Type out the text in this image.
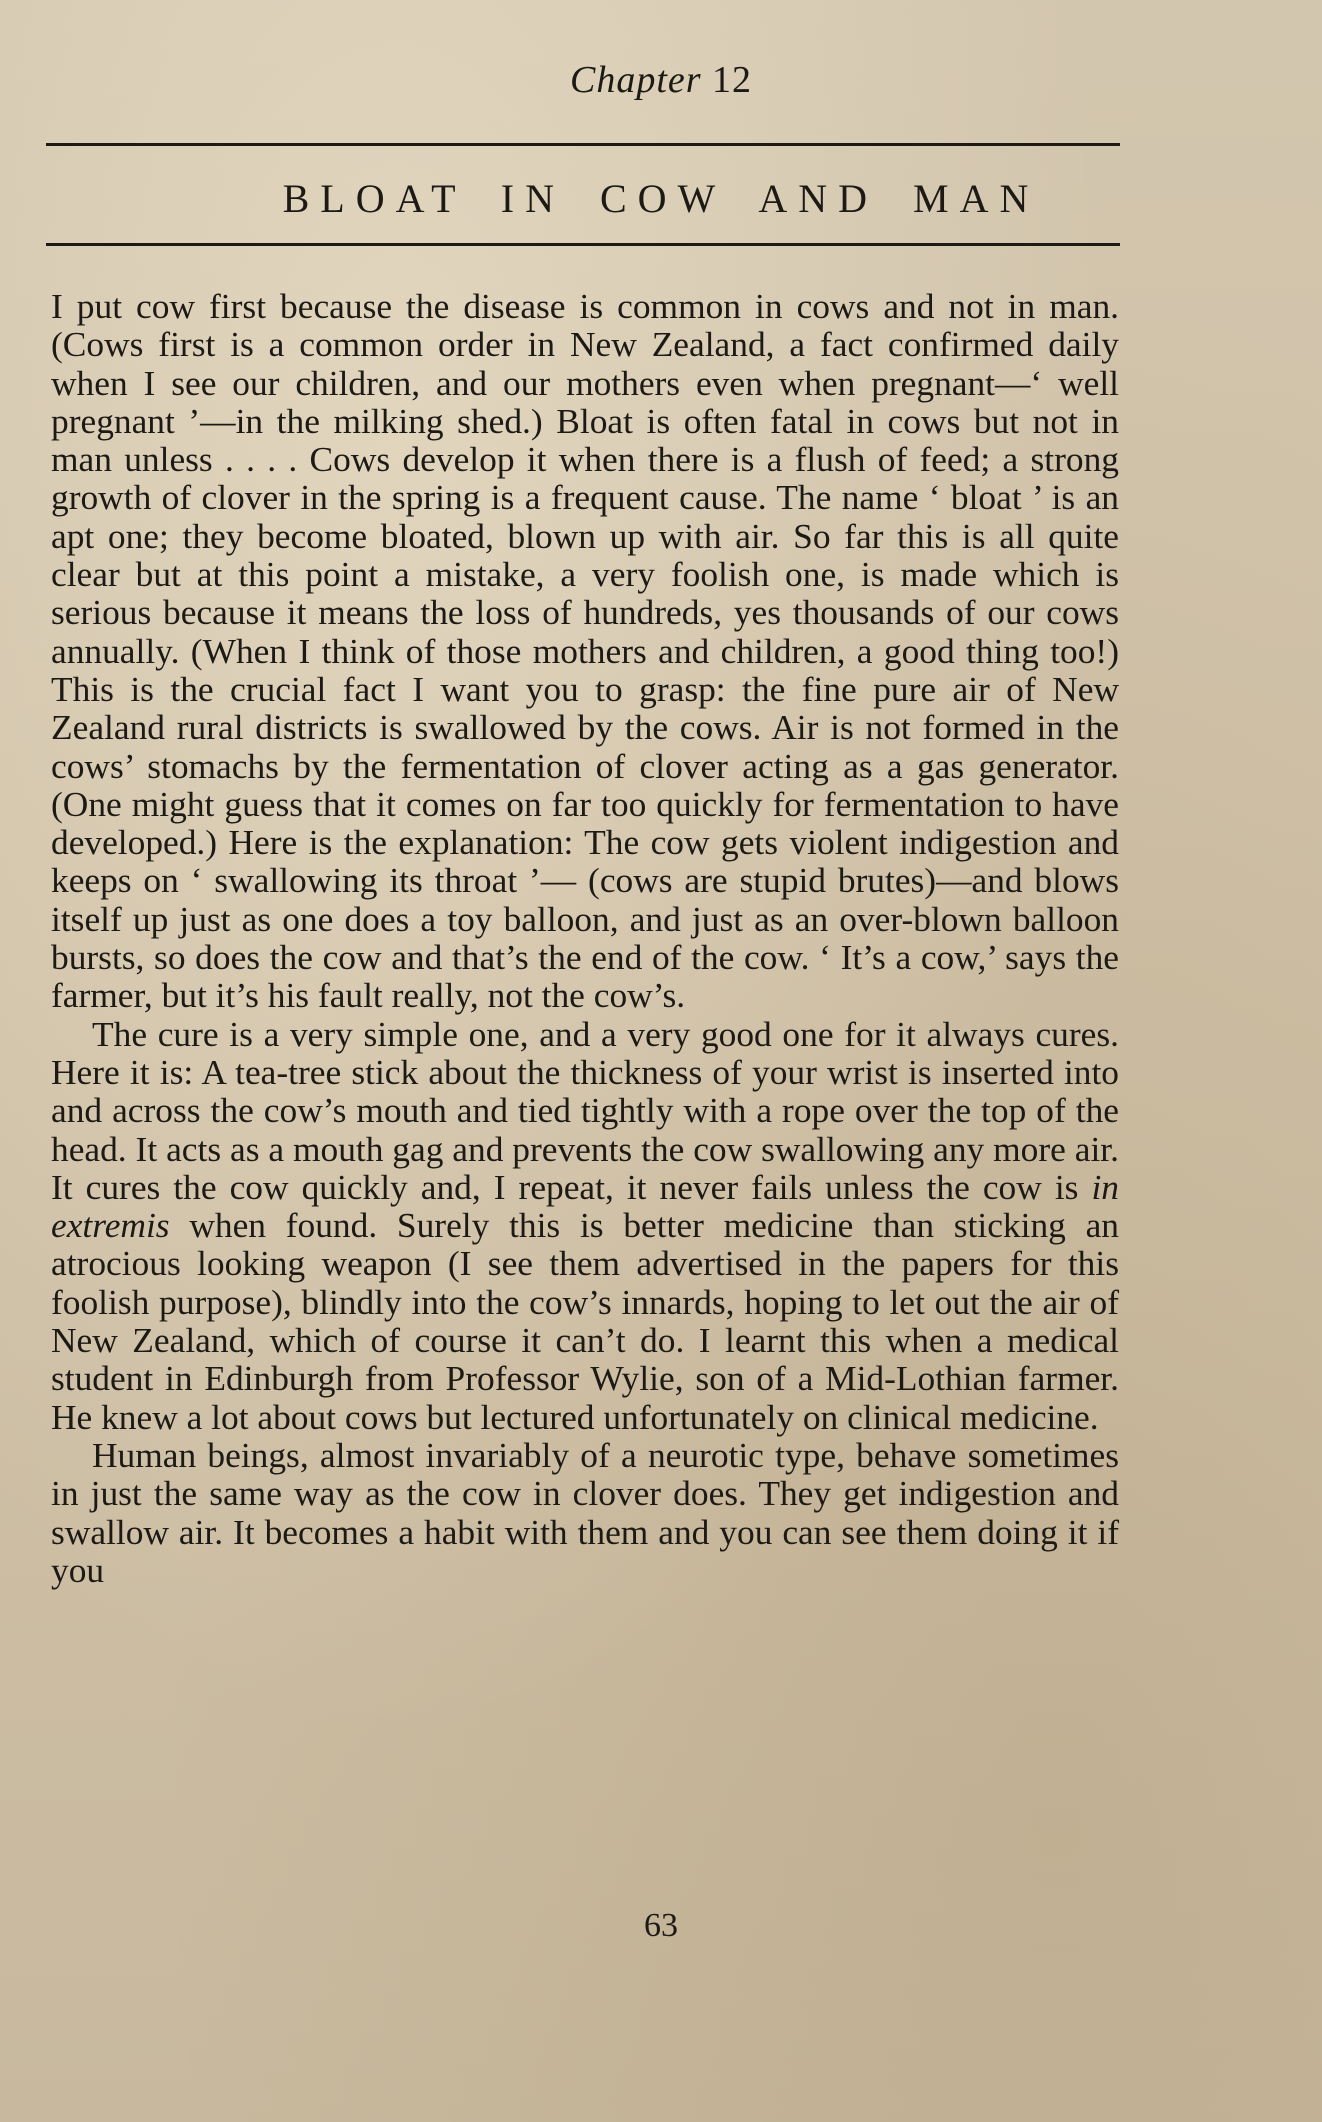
Chapter 12
BLOAT IN COW AND MAN

I put cow first because the disease is common in cows and not in man. (Cows first is a common order in New Zealand, a fact confirmed daily when I see our children, and our mothers even when pregnant—‘ well pregnant ’—in the milking shed.) Bloat is often fatal in cows but not in man unless . . . . Cows develop it when there is a flush of feed; a strong growth of clover in the spring is a frequent cause. The name ‘ bloat ’ is an apt one; they become bloated, blown up with air. So far this is all quite clear but at this point a mistake, a very foolish one, is made which is serious because it means the loss of hundreds, yes thousands of our cows annually. (When I think of those mothers and children, a good thing too!) This is the crucial fact I want you to grasp: the fine pure air of New Zealand rural districts is swallowed by the cows. Air is not formed in the cows’ stomachs by the fermentation of clover acting as a gas generator. (One might guess that it comes on far too quickly for fermentation to have developed.) Here is the explanation: The cow gets violent indigestion and keeps on ‘ swallowing its throat ’— (cows are stupid brutes)—and blows itself up just as one does a toy balloon, and just as an over-blown balloon bursts, so does the cow and that’s the end of the cow. ‘ It’s a cow,’ says the farmer, but it’s his fault really, not the cow’s.

The cure is a very simple one, and a very good one for it always cures. Here it is: A tea-tree stick about the thickness of your wrist is inserted into and across the cow’s mouth and tied tightly with a rope over the top of the head. It acts as a mouth gag and prevents the cow swallowing any more air. It cures the cow quickly and, I repeat, it never fails unless the cow is in extremis when found. Surely this is better medicine than sticking an atrocious looking weapon (I see them advertised in the papers for this foolish purpose), blindly into the cow’s innards, hoping to let out the air of New Zealand, which of course it can’t do. I learnt this when a medical student in Edinburgh from Professor Wylie, son of a Mid-Lothian farmer. He knew a lot about cows but lectured unfortunately on clinical medicine.

Human beings, almost invariably of a neurotic type, behave sometimes in just the same way as the cow in clover does. They get indigestion and swallow air. It becomes a habit with them and you can see them doing it if you

63
